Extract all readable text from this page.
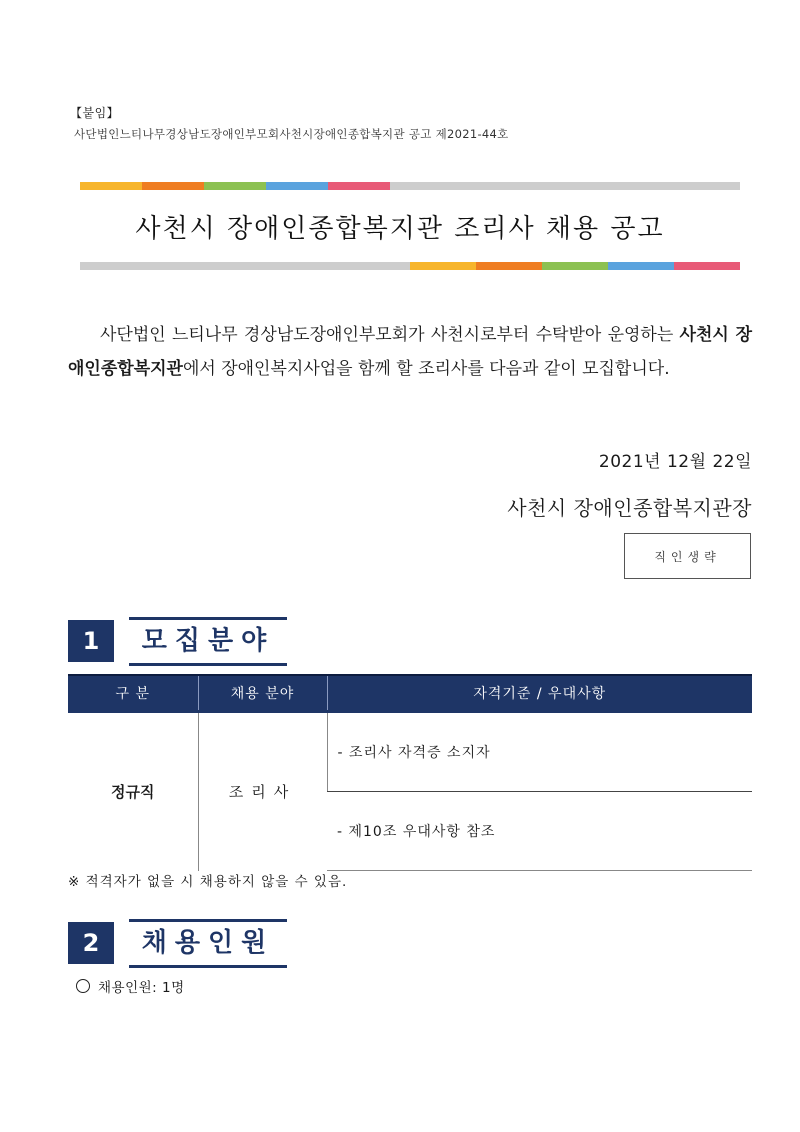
【붙임】
사단법인느티나무경상남도장애인부모회사천시장애인종합복지관 공고 제2021-44호
사천시 장애인종합복지관 조리사 채용 공고

사단법인 느티나무 경상남도장애인부모회가 사천시로부터 수탁받아 운영하는 사천시 장애인종합복지관에서 장애인복지사업을 함께 할 조리사를 다음과 같이 모집합니다.

2021년 12월 22일
사천시 장애인종합복지관장
직인생략
1	모집분야
구 분	채용 분야	자격기준 / 우대사항
정규직	조리사	- 조리사 자격증 소지자
		- 제10조 우대사항 참조
※ 적격자가 없을 시 채용하지 않을 수 있음.
2	채용인원
채용인원: 1명
